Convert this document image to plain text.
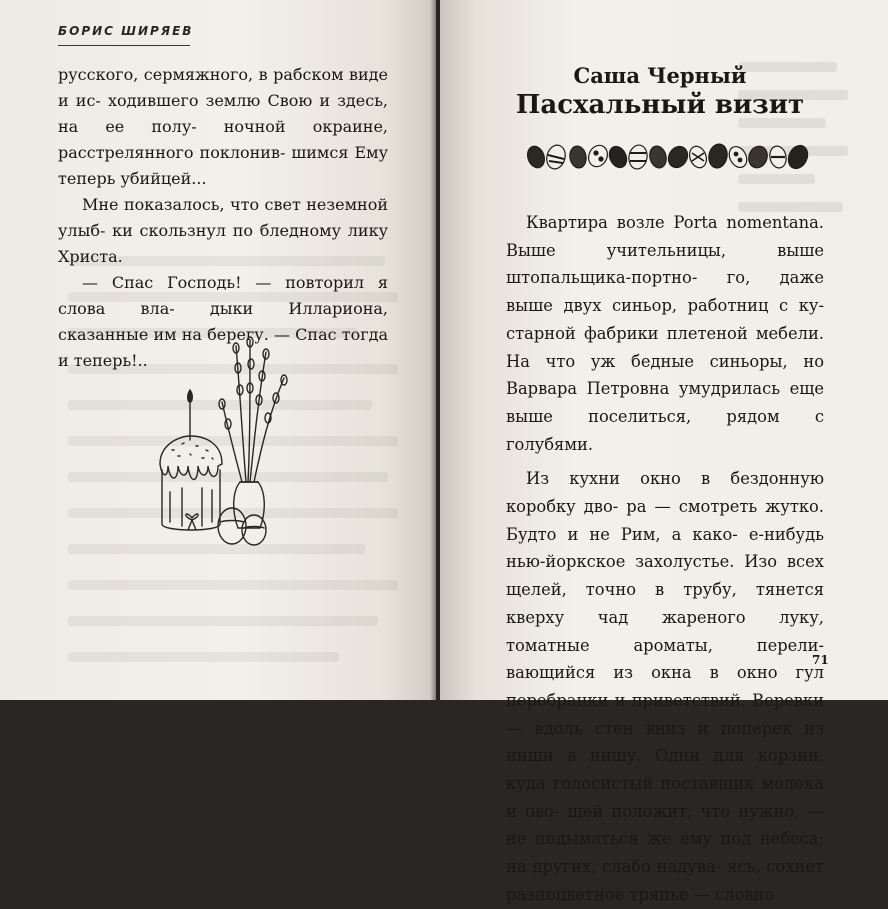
БОРИС ШИРЯЕВ

русского, сермяжного, в рабском виде и ис- ходившего землю Свою и здесь, на ее полу- ночной окраине, расстрелянного поклонив- шимся Ему теперь убийцей...

Мне показалось, что свет неземной улыб- ки скользнул по бледному лику Христа.

— Спас Господь! — повторил я слова вла- дыки Иллариона, сказанные им на берегу. — Спас тогда и теперь!..

Саша Черный
Пасхальный визит

Квартира возле Porta nomentana. Выше	учительницы, выше штопальщика-портно- го, даже выше двух синьор, работниц с ку- старной фабрики плетеной мебели. На что уж бедные синьоры, но Варвара Петровна умудрилась еще выше поселиться, рядом с голубями.

Из кухни окно в бездонную коробку дво- ра — смотреть жутко. Будто и не Рим, а како- е-нибудь нью-йоркское захолустье. Изо всех щелей, точно в трубу, тянется кверху чад жареного луку, томатные ароматы, перели- вающийся из окна в окно гул перебранки и приветствий. Веревки — вдоль стен вниз и поперек из ниши в нишу. Одни для корзин, куда голосистый поставщик молока и ово- щей положит, что нужно, — не подыматься же ему под небеса; на других, слабо надува- ясь, сохнет разноцветное тряпье — словно

71
